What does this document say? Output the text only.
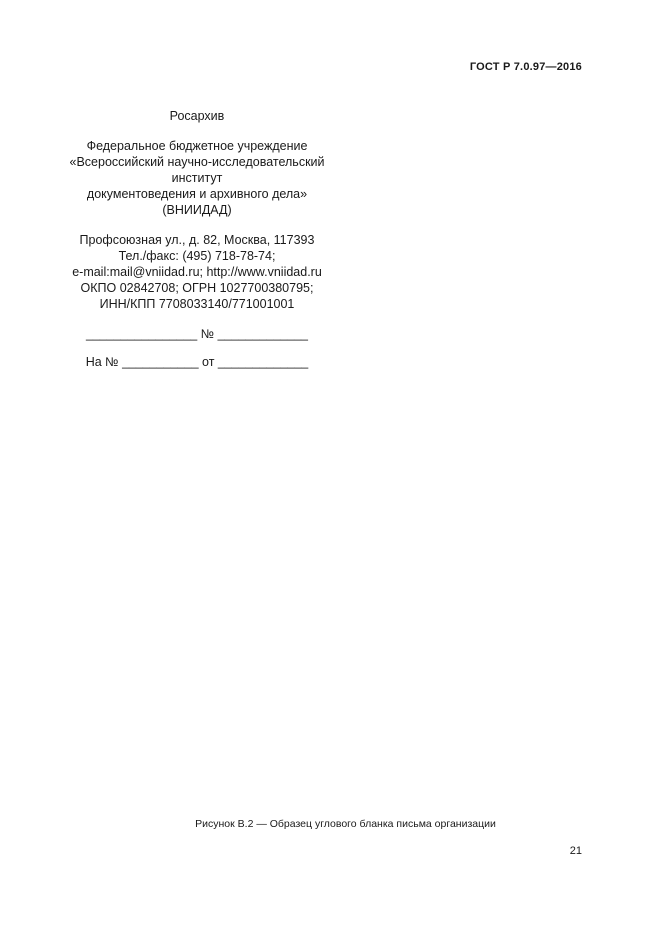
ГОСТ Р 7.0.97—2016
Росархив
Федеральное бюджетное учреждение
«Всероссийский научно-исследовательский
институт
документоведения и архивного дела»
(ВНИИДАД)
Профсоюзная ул., д. 82, Москва, 117393
Тел./факс: (495) 718-78-74;
e-mail:mail@vniidad.ru; http://www.vniidad.ru
ОКПО 02842708; ОГРН 1027700380795;
ИНН/КПП 7708033140/771001001
________________ № _____________
На № ___________ от _____________
Рисунок В.2 — Образец углового бланка письма организации
21
